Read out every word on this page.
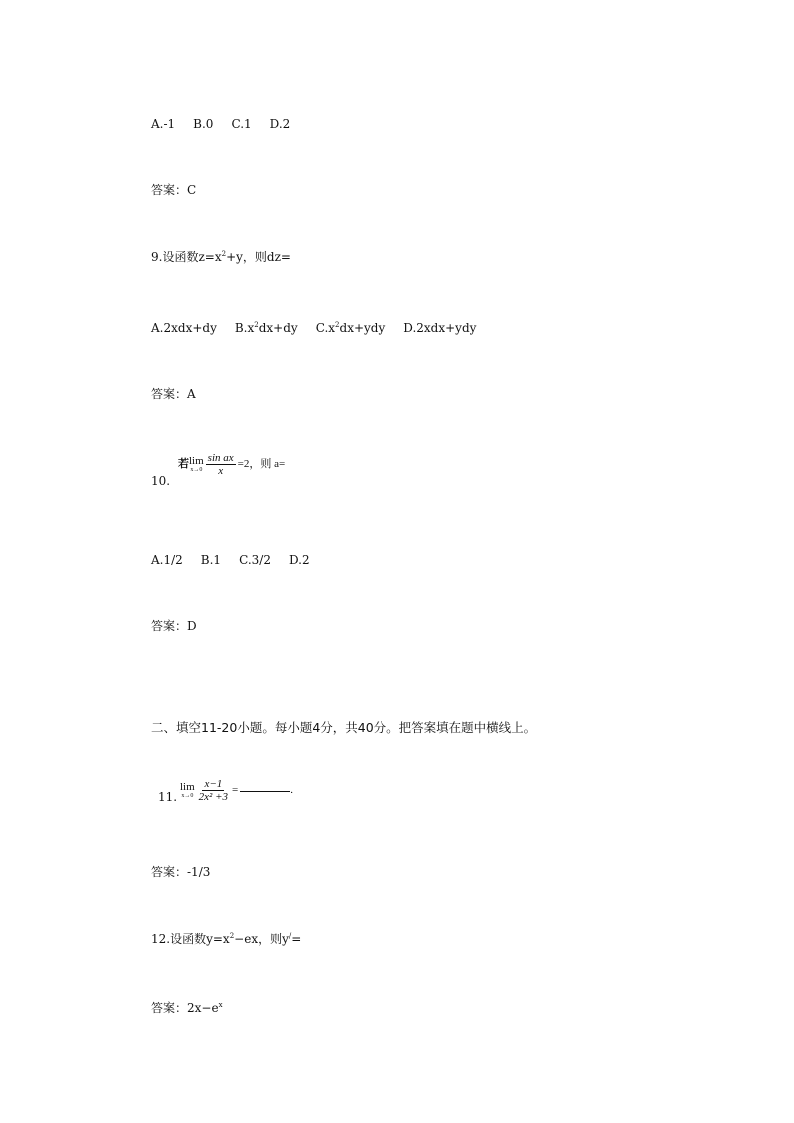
A.-1 B.0 C.1 D.2
答案：C
9.设函数$z=x^2+y$，则dz=
A.2xdx+dy $B.x^2dx+dy$ $C.x^2dx+ydy$ D.2xdx+ydy
答案：A
10.
若 lim
$x\to 0 \frac{\text{sin ax}}{x} =2$，则 a=
A.1/2 B.1 C.3/2 D.2
答案：D
二、填空11-20小题。每小题4分，共40分。把答案填在题中横线上。
11.
lim
$x\to 0 \frac{x-1}{\text{2x² +3}}$ =	.
答案：-1/3
12.设函数$y=x^2-ex$，则y/=
答案：$2x-e^x$
